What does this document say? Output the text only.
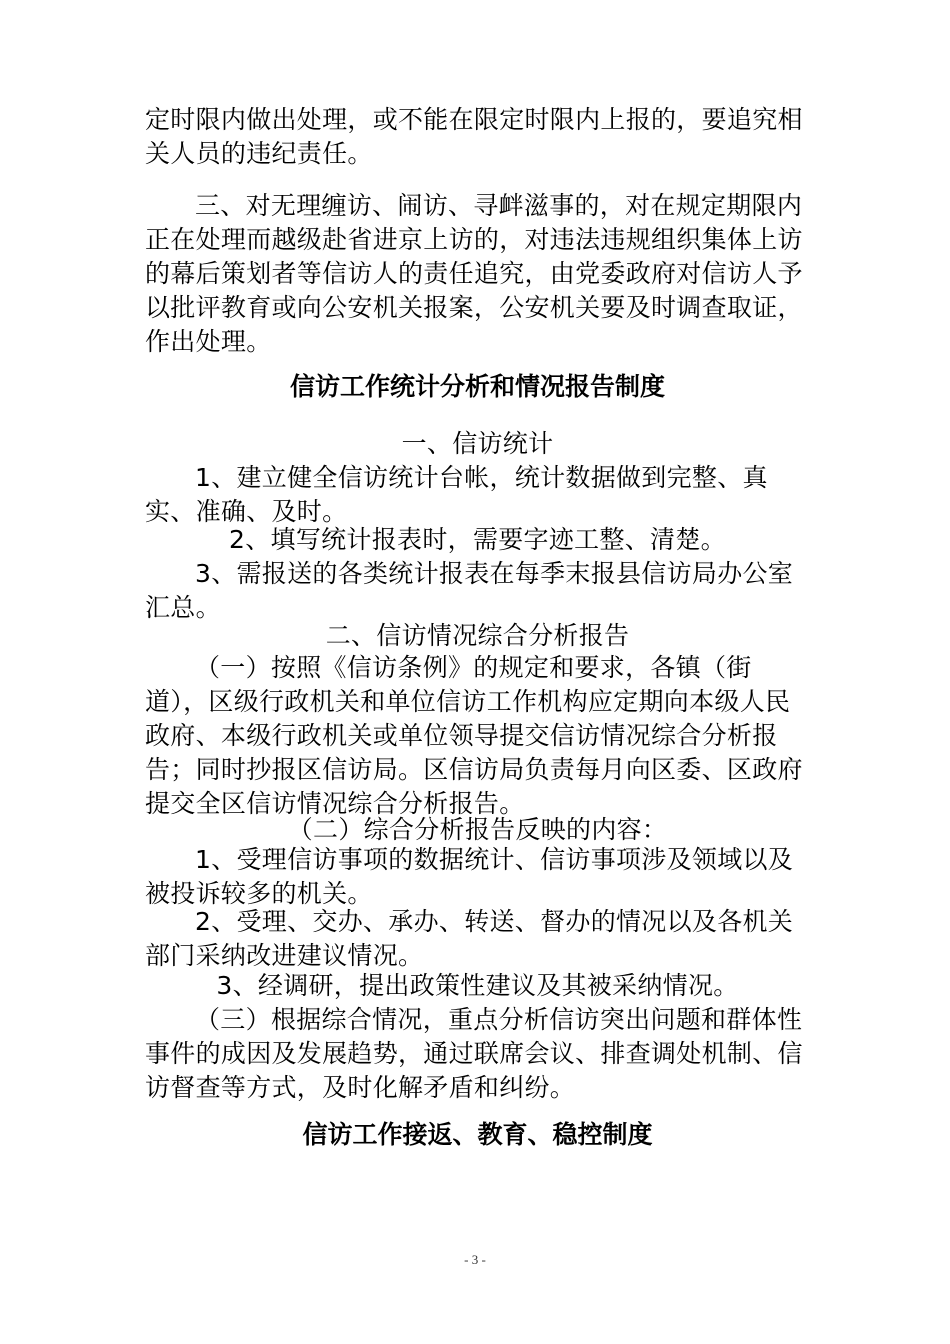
定时限内做出处理，或不能在限定时限内上报的，要追究相关人员的违纪责任。

三、对无理缠访、闹访、寻衅滋事的，对在规定期限内正在处理而越级赴省进京上访的，对违法违规组织集体上访的幕后策划者等信访人的责任追究，由党委政府对信访人予以批评教育或向公安机关报案，公安机关要及时调查取证，作出处理。

信访工作统计分析和情况报告制度

一、信访统计

1、建立健全信访统计台帐，统计数据做到完整、真实、准确、及时。

2、填写统计报表时，需要字迹工整、清楚。

3、需报送的各类统计报表在每季末报县信访局办公室汇总。

二、信访情况综合分析报告

（一）按照《信访条例》的规定和要求，各镇（街道），区级行政机关和单位信访工作机构应定期向本级人民政府、本级行政机关或单位领导提交信访情况综合分析报告；同时抄报区信访局。区信访局负责每月向区委、区政府提交全区信访情况综合分析报告。

（二）综合分析报告反映的内容：

1、受理信访事项的数据统计、信访事项涉及领域以及被投诉较多的机关。

2、受理、交办、承办、转送、督办的情况以及各机关部门采纳改进建议情况。

3、经调研，提出政策性建议及其被采纳情况。

（三）根据综合情况，重点分析信访突出问题和群体性事件的成因及发展趋势，通过联席会议、排查调处机制、信访督查等方式，及时化解矛盾和纠纷。

信访工作接返、教育、稳控制度

- 3 -
